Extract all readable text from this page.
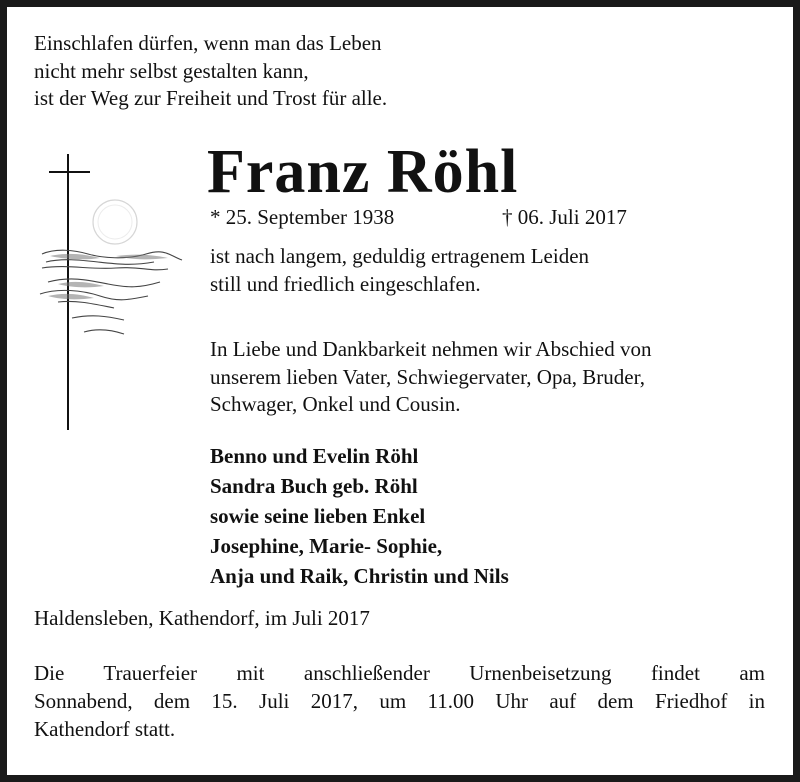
Einschlafen dürfen, wenn man das Leben
nicht mehr selbst gestalten kann,
ist der Weg zur Freiheit und Trost für alle.
Franz Röhl
* 25. September 1938	† 06. Juli 2017
ist nach langem, geduldig ertragenem Leiden
still und friedlich eingeschlafen.
In Liebe und Dankbarkeit nehmen wir Abschied von
unserem lieben Vater, Schwiegervater, Opa, Bruder,
Schwager, Onkel und Cousin.
Benno und Evelin Röhl
Sandra Buch geb. Röhl
sowie seine lieben Enkel
Josephine, Marie- Sophie,
Anja und Raik, Christin und Nils
Haldensleben, Kathendorf, im Juli 2017
Die Trauerfeier mit anschließender Urnenbeisetzung findet am
Sonnabend, dem 15. Juli 2017, um 11.00 Uhr auf dem Friedhof in
Kathendorf statt.
